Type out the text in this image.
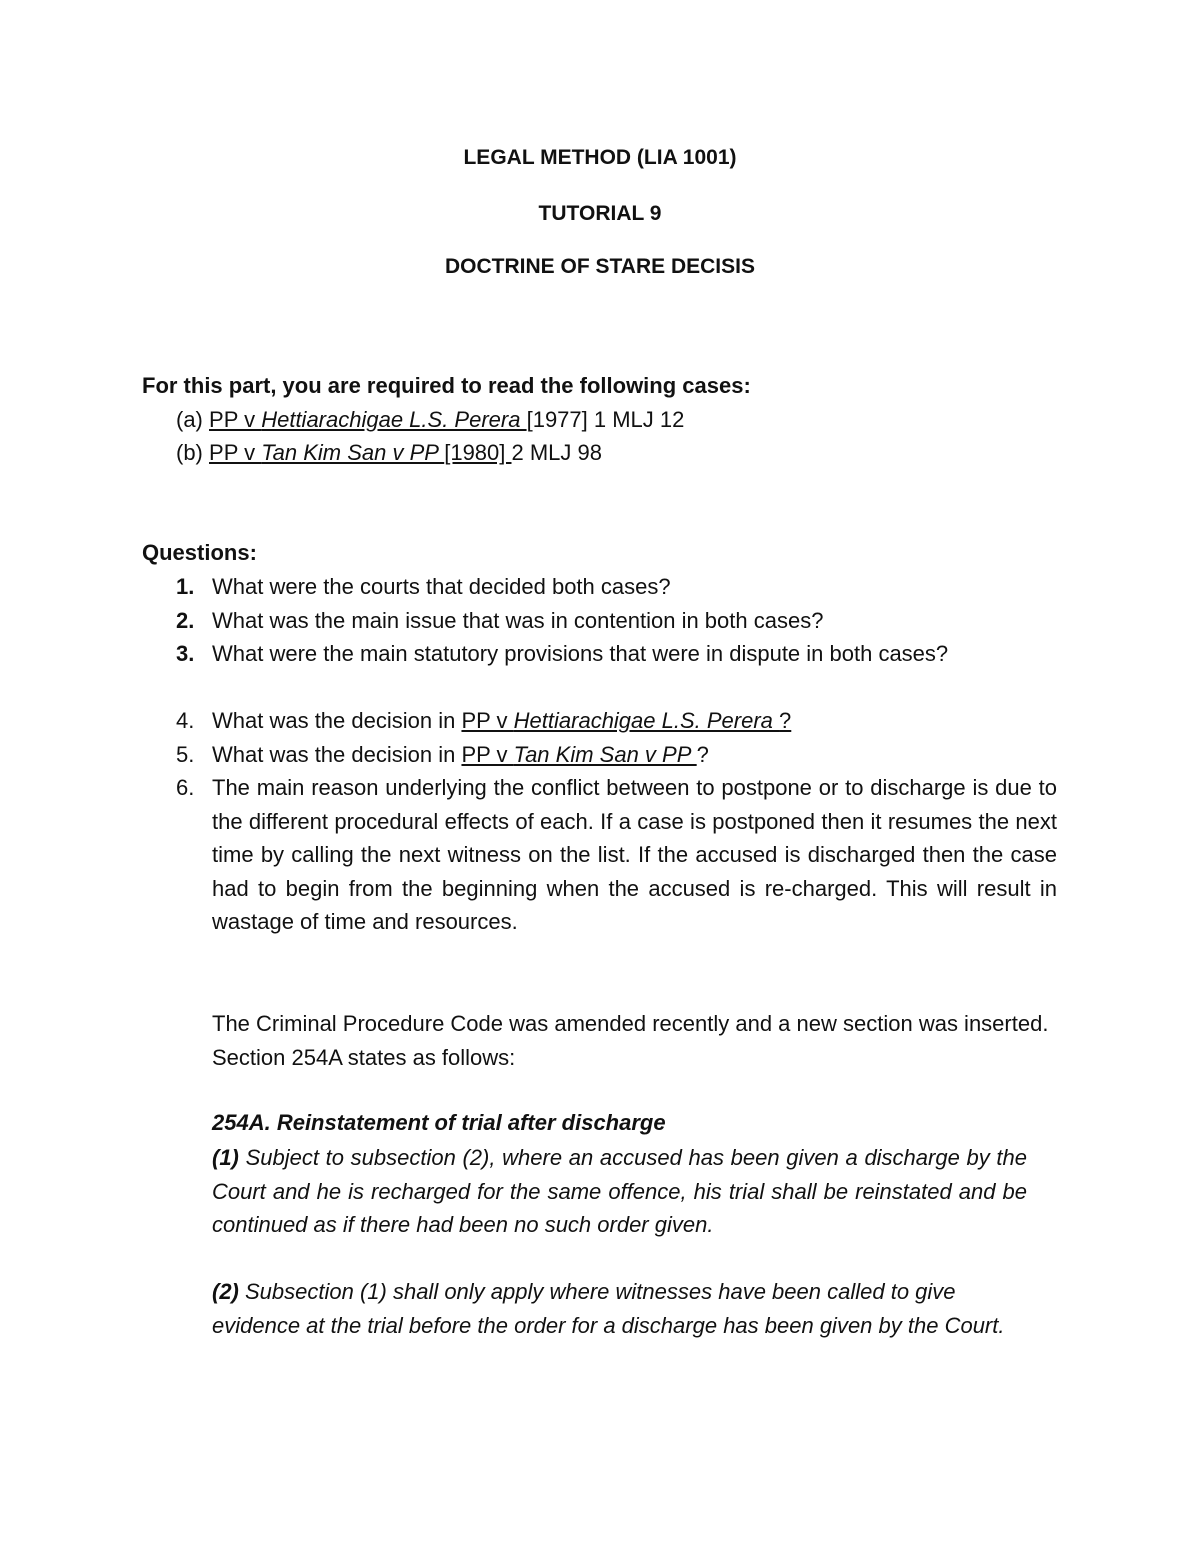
LEGAL METHOD (LIA 1001)
TUTORIAL 9
DOCTRINE OF STARE DECISIS
For this part, you are required to read the following cases:
(a) PP v Hettiarachigae L.S. Perera [1977] 1 MLJ 12
(b) PP v Tan Kim San v PP [1980] 2 MLJ 98
Questions:
1. What were the courts that decided both cases?
2. What was the main issue that was in contention in both cases?
3. What were the main statutory provisions that were in dispute in both cases?
4. What was the decision in PP v Hettiarachigae L.S. Perera ?
5. What was the decision in PP v Tan Kim San v PP ?
6. The main reason underlying the conflict between to postpone or to discharge is due to the different procedural effects of each. If a case is postponed then it resumes the next time by calling the next witness on the list. If the accused is discharged then the case had to begin from the beginning when the accused is re-charged. This will result in wastage of time and resources.
The Criminal Procedure Code was amended recently and a new section was inserted. Section 254A states as follows:
254A. Reinstatement of trial after discharge
(1) Subject to subsection (2), where an accused has been given a discharge by the Court and he is recharged for the same offence, his trial shall be reinstated and be continued as if there had been no such order given.
(2) Subsection (1) shall only apply where witnesses have been called to give evidence at the trial before the order for a discharge has been given by the Court.
